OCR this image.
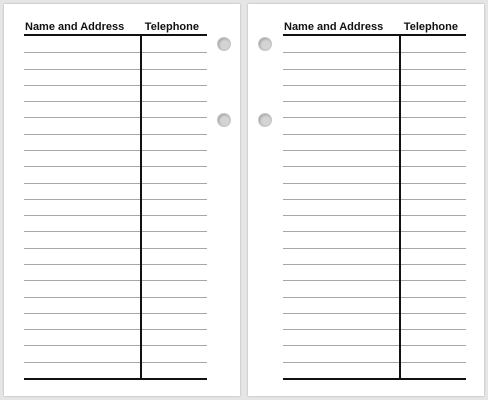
Name and Address Telephone	Name and Address Telephone
